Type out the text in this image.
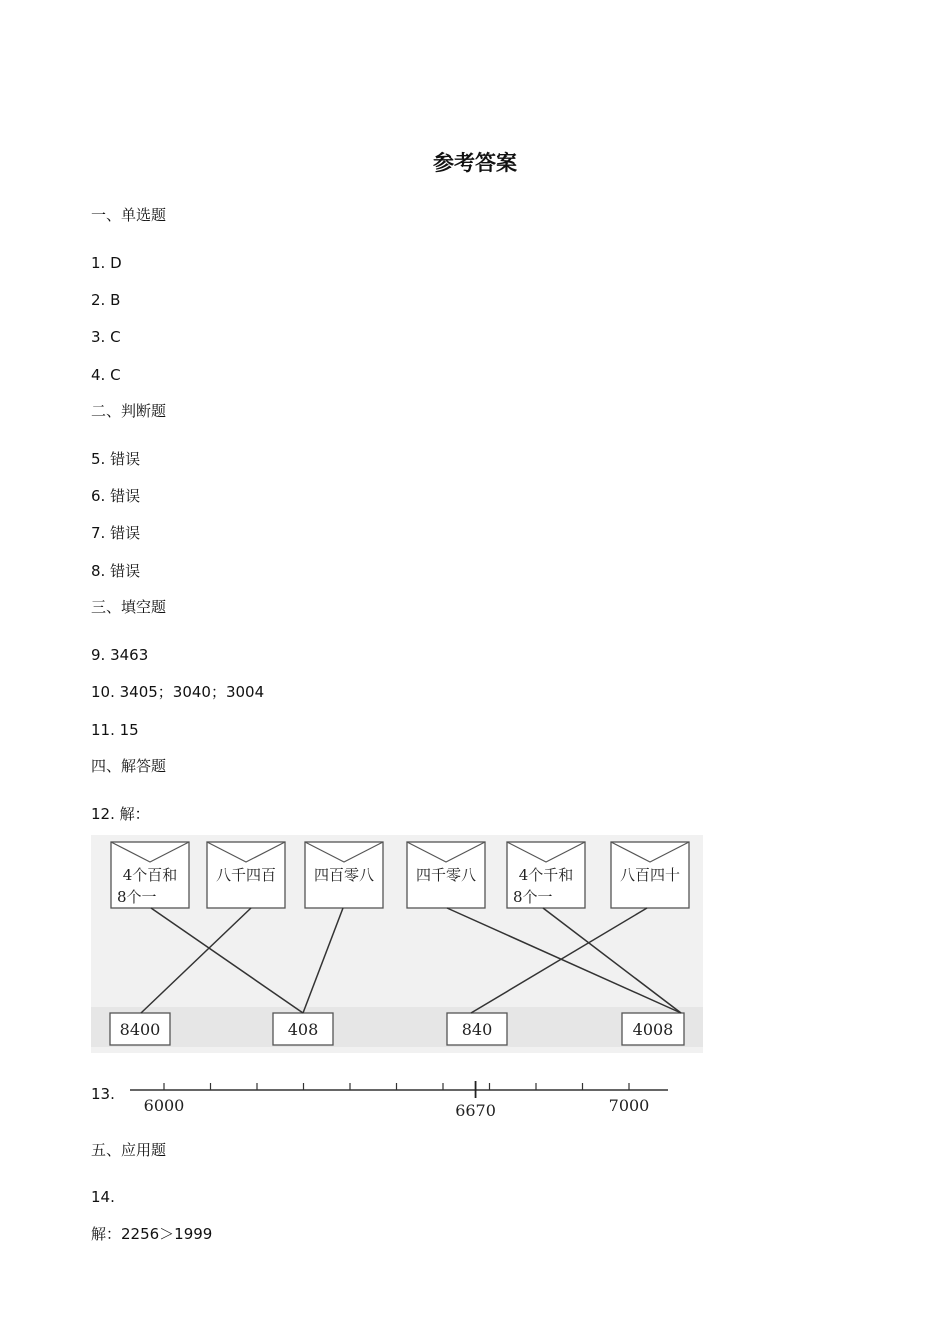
参考答案

一、单选题

1. D

2. B

3. C

4. C

二、判断题

5. 错误

6. 错误

7. 错误

8. 错误

三、填空题

9. 3463

10. 3405；3040；3004

11. 15

四、解答题

12. 解：

4个百和
8个一
八千四百	四百零八	四千零八	4个千和
8个一
八百四十
8400	408	840	4008

13.

6000	6670	7000

五、应用题

14.

解：2256＞1999
